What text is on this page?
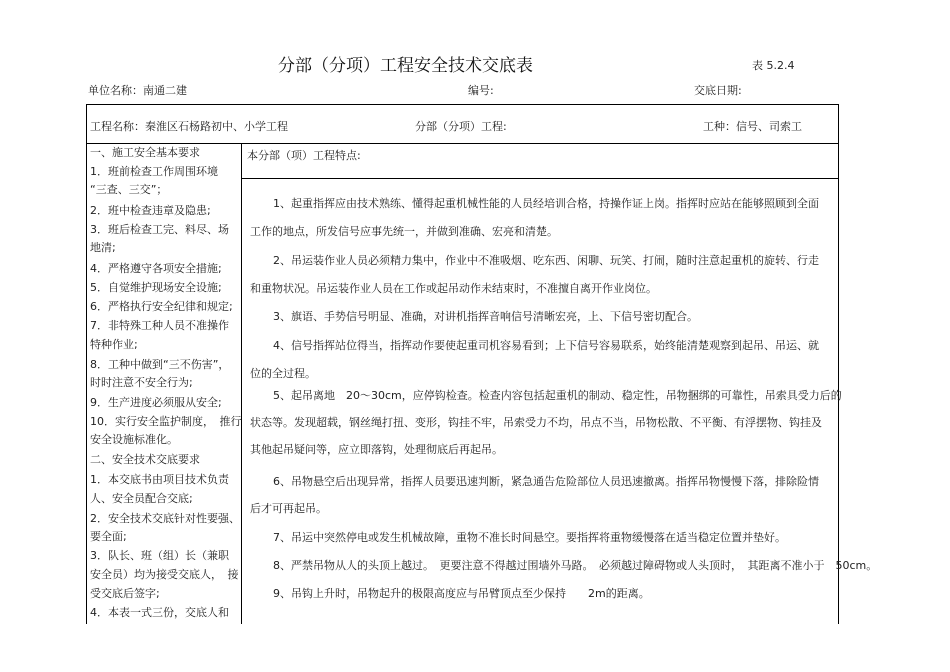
分部（分项）工程安全技术交底表	表 5.2.4
单位名称：南通二建	编号:	交底日期:
工程名称：秦淮区石杨路初中、小学工程	分部（分项）工程:	工种：信号、司索工
一、施工安全基本要求
1．班前检查工作周围环境
“三查、三交”；
2．班中检查违章及隐患;
3．班后检查工完、料尽、场
地清;
4．严格遵守各项安全措施;
5．自觉维护现场安全设施;
6．严格执行安全纪律和规定;
7．非特殊工种人员不准操作
特种作业;
8．工种中做到“三不伤害”，
时时注意不安全行为;
9．生产进度必须服从安全;
10．实行安全监护制度，　推行
安全设施标准化。
二、安全技术交底要求
1．本交底书由项目技术负责
人、安全员配合交底;
2．安全技术交底针对性要强、
要全面;
3．队长、班（组）长（兼职
安全员）均为接受交底人，　接
受交底后签字;
4．本表一式三份，交底人和
本分部（项）工程特点:
1、起重指挥应由技术熟练、懂得起重机械性能的人员经培训合格，持操作证上岗。指挥时应站在能够照顾到全面
工作的地点，所发信号应事先统一，并做到准确、宏亮和清楚。
2、吊运装作业人员必须精力集中，作业中不准吸烟、吃东西、闲聊、玩笑、打闹，随时注意起重机的旋转、行走
和重物状况。吊运装作业人员在工作或起吊动作未结束时，不准擅自离开作业岗位。
3、旗语、手势信号明显、准确，对讲机指挥音响信号清晰宏亮，上、下信号密切配合。
4、信号指挥站位得当，指挥动作要使起重司机容易看到；上下信号容易联系，始终能清楚观察到起吊、吊运、就
位的全过程。
5、起吊离地　20～30cm，应停钩检查。检查内容包括起重机的制动、稳定性，吊物捆绑的可靠性，吊索具受力后的
状态等。发现超载，钢丝绳打扭、变形，钩挂不牢，吊索受力不均，吊点不当，吊物松散、不平衡、有浮摆物、钩挂及
其他起吊疑问等，应立即落钩，处理彻底后再起吊。
6、吊物悬空后出现异常，指挥人员要迅速判断，紧急通告危险部位人员迅速撤离。指挥吊物慢慢下落，排除险情
后才可再起吊。
7、吊运中突然停电或发生机械故障，重物不准长时间悬空。要指挥将重物缓慢落在适当稳定位置并垫好。
8、严禁吊物从人的头顶上越过。　更要注意不得越过围墙外马路。　必须越过障碍物或人头顶时，　其距离不准小于　50cm。
9、吊钩上升时，吊物起升的极限高度应与吊臂顶点至少保持　　2m的距离。
